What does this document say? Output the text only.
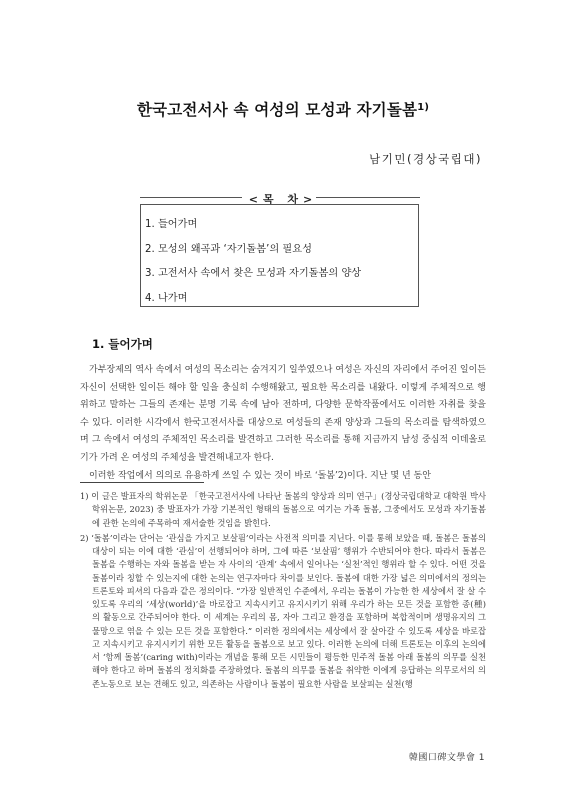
한국고전서사 속 여성의 모성과 자기돌봄$^{1)}$
남기민(경상국립대)
<목 차>
1. 들어가며
2. 모성의 왜곡과 ‘자기돌봄’의 필요성
3. 고전서사 속에서 찾은 모성과 자기돌봄의 양상
4. 나가며
1. 들어가며

가부장제의 역사 속에서 여성의 목소리는 숨겨지기 일쑤였으나 여성은 자신의 자리에서 주어진 일이든 자신이 선택한 일이든 해야 할 일을 충실히 수행해왔고, 필요한 목소리를 내왔다. 이렇게 주체적으로 행위하고 말하는 그들의 존재는 분명 기록 속에 남아 전하며, 다양한 문학작품에서도 이러한 자취를 찾을 수 있다. 이러한 시각에서 한국고전서사를 대상으로 여성들의 존재 양상과 그들의 목소리를 탐색하였으며 그 속에서 여성의 주체적인 목소리를 발견하고 그러한 목소리를 통해 지금까지 남성 중심적 이데올로기가 가려 온 여성의 주체성을 발견해내고자 한다.

이러한 작업에서 의의로 유용하게 쓰일 수 있는 것이 바로 ‘돌봄’2)이다. 지난 몇 년 동안

1) 이 글은 발표자의 학위논문 「한국고전서사에 나타난 돌봄의 양상과 의미 연구」(경상국립대학교 대학원 박사학위논문, 2023) 중 발표자가 가장 기본적인 형태의 돌봄으로 여기는 가족 돌봄, 그중에서도 모성과 자기돌봄에 관한 논의에 주목하여 재서술한 것임을 밝힌다.

2) ‘돌봄’이라는 단어는 ‘관심을 가지고 보살핌’이라는 사전적 의미를 지닌다. 이를 통해 보았을 때, 돌봄은 돌봄의 대상이 되는 이에 대한 ‘관심’이 선행되어야 하며, 그에 따른 ‘보살핌’ 행위가 수반되어야 한다. 따라서 돌봄은 돌봄을 수행하는 자와 돌봄을 받는 자 사이의 ‘관계’ 속에서 일어나는 ‘실천’적인 행위라 할 수 있다. 어떤 것을 돌봄이라 칭할 수 있는지에 대한 논의는 연구자마다 차이를 보인다. 돌봄에 대한 가장 넓은 의미에서의 정의는 트론토와 피셔의 다음과 같은 정의이다. “가장 일반적인 수준에서, 우리는 돌봄이 가능한 한 세상에서 잘 살 수 있도록 우리의 ‘세상(world)’을 바로잡고 지속시키고 유지시키기 위해 우리가 하는 모든 것을 포함한 종(種)의 활동으로 간주되어야 한다. 이 세계는 우리의 몸, 자아 그리고 환경을 포함하며 복합적이며 생명유지의 그물망으로 엮을 수 있는 모든 것을 포함한다.” 이러한 정의에서는 세상에서 잘 살아갈 수 있도록 세상을 바로잡고 지속시키고 유지시키기 위한 모든 활동을 돌봄으로 보고 있다. 이러한 논의에 더해 트론토는 이후의 논의에서 ‘함께 돌봄’(caring with)이라는 개념을 통해 모든 시민들이 평등한 민주적 돌봄 아래 돌봄의 의무를 실천해야 한다고 하며 돌봄의 정치화를 주장하였다. 돌봄의 의무를 돌봄을 취약한 이에게 응답하는 의무로서의 의존노동으로 보는 견해도 있고, 의존하는 사람이나 돌봄이 필요한 사람을 보살피는 실천(행

韓國口碑文學會 1
